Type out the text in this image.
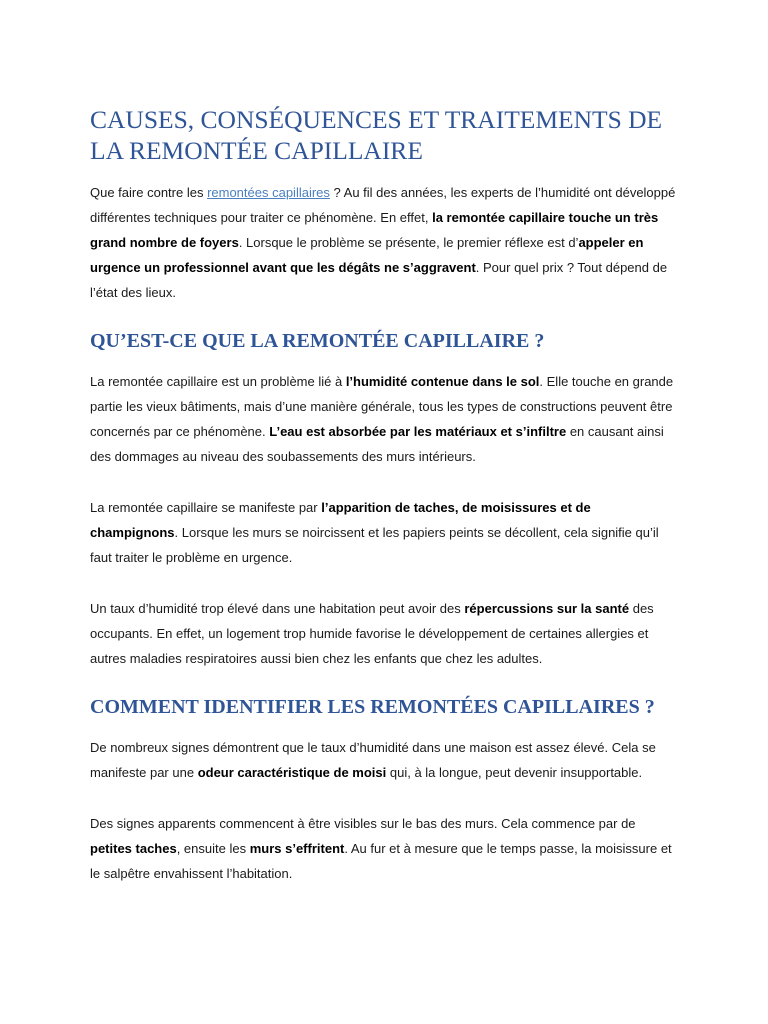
CAUSES, CONSÉQUENCES ET TRAITEMENTS DE LA REMONTÉE CAPILLAIRE

Que faire contre les remontées capillaires ? Au fil des années, les experts de l’humidité ont développé différentes techniques pour traiter ce phénomène. En effet, la remontée capillaire touche un très grand nombre de foyers. Lorsque le problème se présente, le premier réflexe est d’appeler en urgence un professionnel avant que les dégâts ne s’aggravent. Pour quel prix ? Tout dépend de l’état des lieux.

QU’EST-CE QUE LA REMONTÉE CAPILLAIRE ?

La remontée capillaire est un problème lié à l’humidité contenue dans le sol. Elle touche en grande partie les vieux bâtiments, mais d’une manière générale, tous les types de constructions peuvent être concernés par ce phénomène. L’eau est absorbée par les matériaux et s’infiltre en causant ainsi des dommages au niveau des soubassements des murs intérieurs.

La remontée capillaire se manifeste par l’apparition de taches, de moisissures et de champignons. Lorsque les murs se noircissent et les papiers peints se décollent, cela signifie qu’il faut traiter le problème en urgence.

Un taux d’humidité trop élevé dans une habitation peut avoir des répercussions sur la santé des occupants. En effet, un logement trop humide favorise le développement de certaines allergies et autres maladies respiratoires aussi bien chez les enfants que chez les adultes.

COMMENT IDENTIFIER LES REMONTÉES CAPILLAIRES ?

De nombreux signes démontrent que le taux d’humidité dans une maison est assez élevé. Cela se manifeste par une odeur caractéristique de moisi qui, à la longue, peut devenir insupportable.

Des signes apparents commencent à être visibles sur le bas des murs. Cela commence par de petites taches, ensuite les murs s’effritent. Au fur et à mesure que le temps passe, la moisissure et le salpêtre envahissent l’habitation.
